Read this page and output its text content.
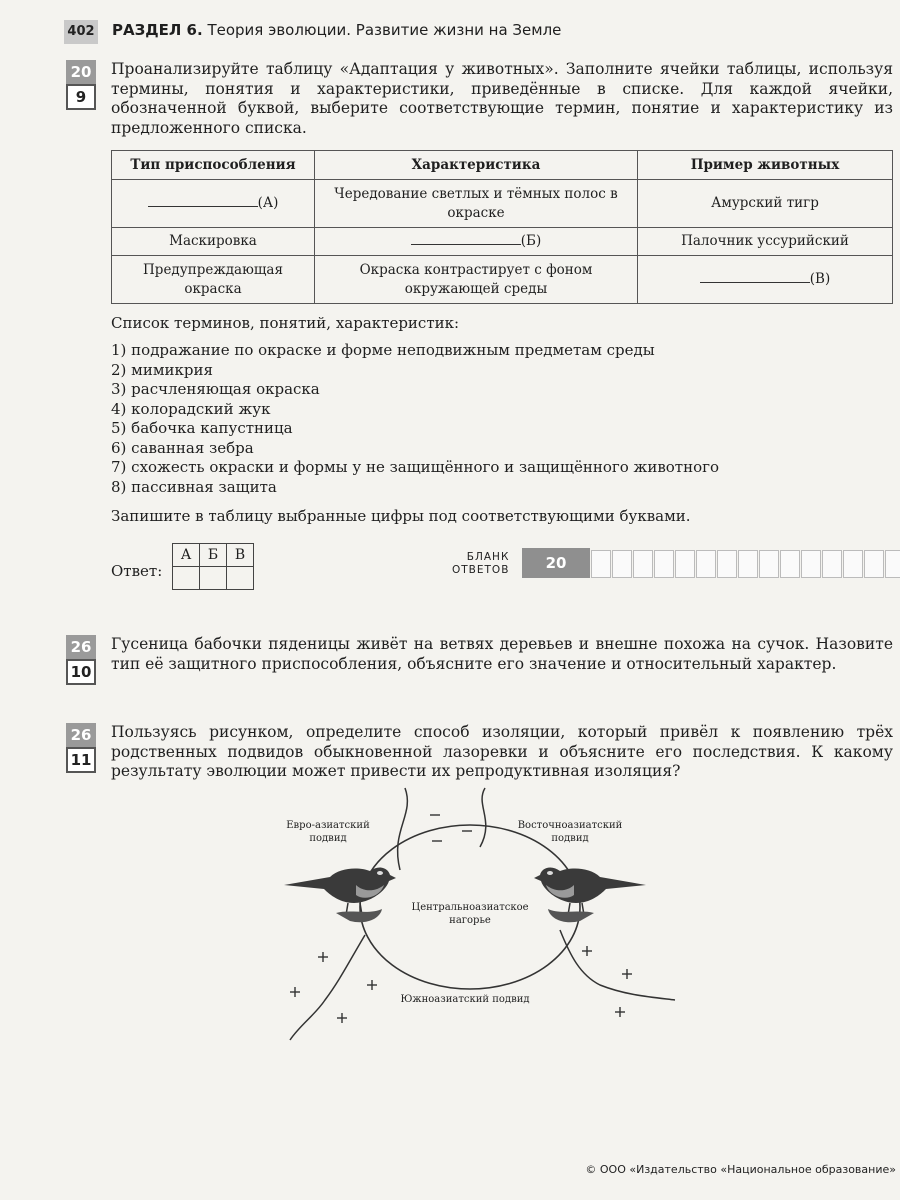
402 РАЗДЕЛ 6. Теория эволюции. Развитие жизни на Земле
20
9
Проанализируйте таблицу «Адаптация у животных». Заполните ячейки таблицы, используя термины, понятия и характеристики, приведённые в списке. Для каждой ячейки, обозначенной буквой, выберите соответствующие термин, понятие и характеристику из предложенного списка.
Тип приспособления	Характеристика	Пример животных
(А)	Чередование светлых и тёмных полос в окраске	Амурский тигр
Маскировка	(Б)	Палочник уссурийский
Предупреждающая окраска	Окраска контрастирует с фоном окружающей среды	(В)
Список терминов, понятий, характеристик:
1) подражание по окраске и форме неподвижным предметам среды
2) мимикрия
3) расчленяющая окраска
4) колорадский жук
5) бабочка капустница
6) саванная зебра
7) схожесть окраски и формы у не защищённого и защищённого животного
8) пассивная защита
Запишите в таблицу выбранные цифры под соответствующими буквами.
Ответ:
А	Б	В
			БЛАНК
ОТВЕТОВ	20
26
10
Гусеница бабочки пяденицы живёт на ветвях деревьев и внешне похожа на сучок. Назовите тип её защитного приспособления, объясните его значение и относительный характер.
26
11
Пользуясь рисунком, определите способ изоляции, который привёл к появлению трёх родственных подвидов обыкновенной лазоревки и объясните его последствия. К какому результату эволюции может привести их репродуктивная изоляция?
Евро-азиатский подвид
Восточноазиатский подвид
Центральноазиатское нагорье
Южноазиатский подвид
© ООО «Издательство «Национальное образование»
